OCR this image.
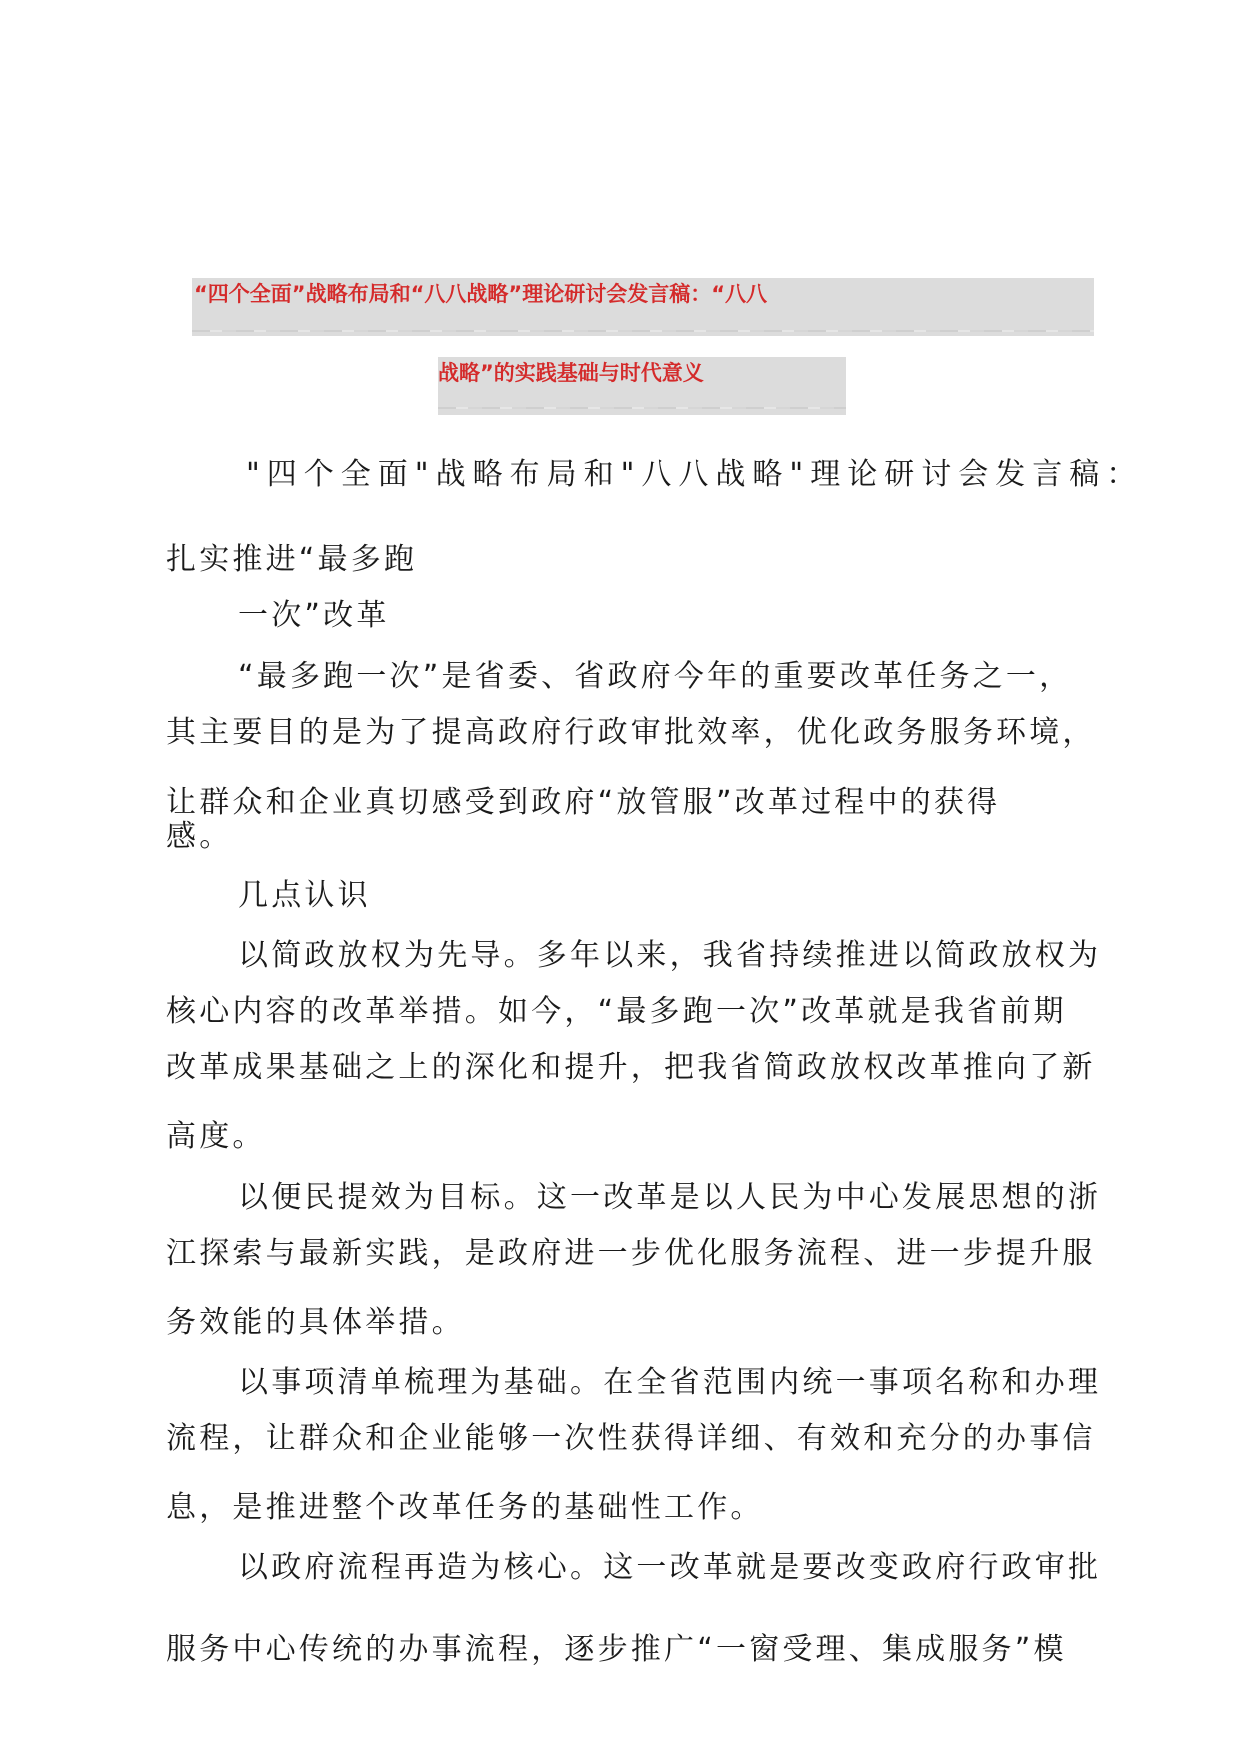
“四个全面”战略布局和“八八战略”理论研讨会发言稿：“八八
战略”的实践基础与时代意义
"四个全面"战略布局和"八八战略"理论研讨会发言稿：
扎实推进“最多跑
一次”改革
“最多跑一次”是省委、省政府今年的重要改革任务之一，
其主要目的是为了提高政府行政审批效率，优化政务服务环境，
让群众和企业真切感受到政府“放管服”改革过程中的获得
感。
几点认识
以简政放权为先导。多年以来，我省持续推进以简政放权为
核心内容的改革举措。如今，“最多跑一次”改革就是我省前期
改革成果基础之上的深化和提升，把我省简政放权改革推向了新
高度。
以便民提效为目标。这一改革是以人民为中心发展思想的浙
江探索与最新实践，是政府进一步优化服务流程、进一步提升服
务效能的具体举措。
以事项清单梳理为基础。在全省范围内统一事项名称和办理
流程，让群众和企业能够一次性获得详细、有效和充分的办事信
息，是推进整个改革任务的基础性工作。
以政府流程再造为核心。这一改革就是要改变政府行政审批
服务中心传统的办事流程，逐步推广“一窗受理、集成服务”模
